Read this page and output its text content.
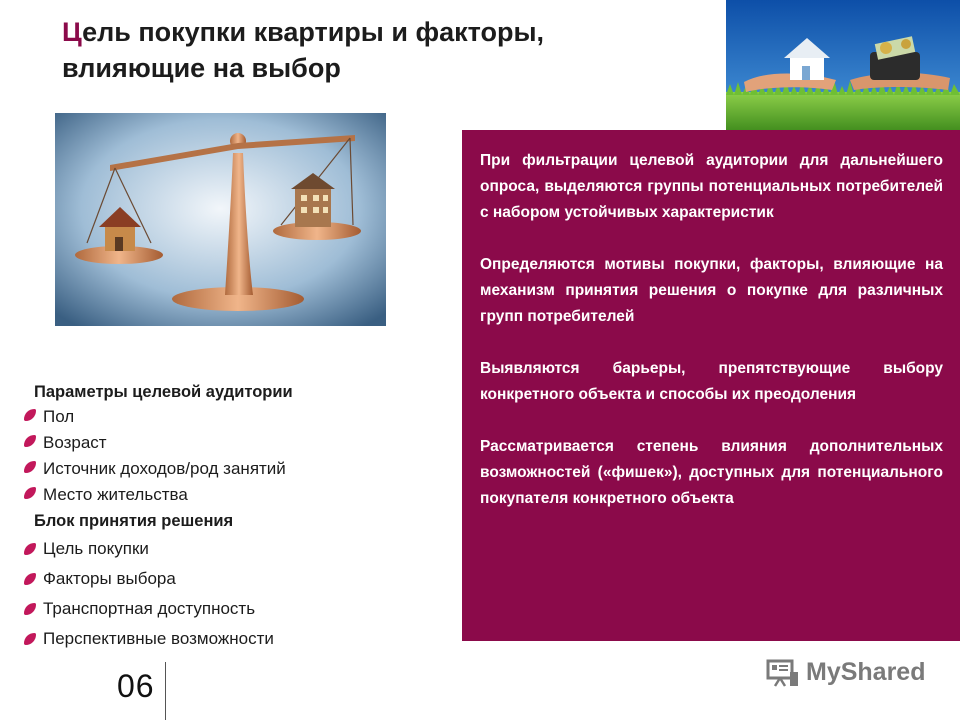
Цель покупки квартиры и факторы, влияющие на выбор

При фильтрации целевой аудитории для дальнейшего опроса, выделяются группы потенциальных потребителей с набором устойчивых характеристик

Определяются мотивы покупки, факторы, влияющие на механизм принятия решения о покупке для различных групп потребителей

Выявляются барьеры, препятствующие выбору конкретного объекта и способы их преодоления

Рассматривается степень влияния дополнительных возможностей («фишек»), доступных для потенциального покупателя конкретного объекта

Параметры целевой аудитории
Пол
Возраст
Источник доходов/род занятий
Место жительства
Блок принятия решения
Цель покупки
Факторы выбора
Транспортная доступность
Перспективные возможности
06	MyShared
